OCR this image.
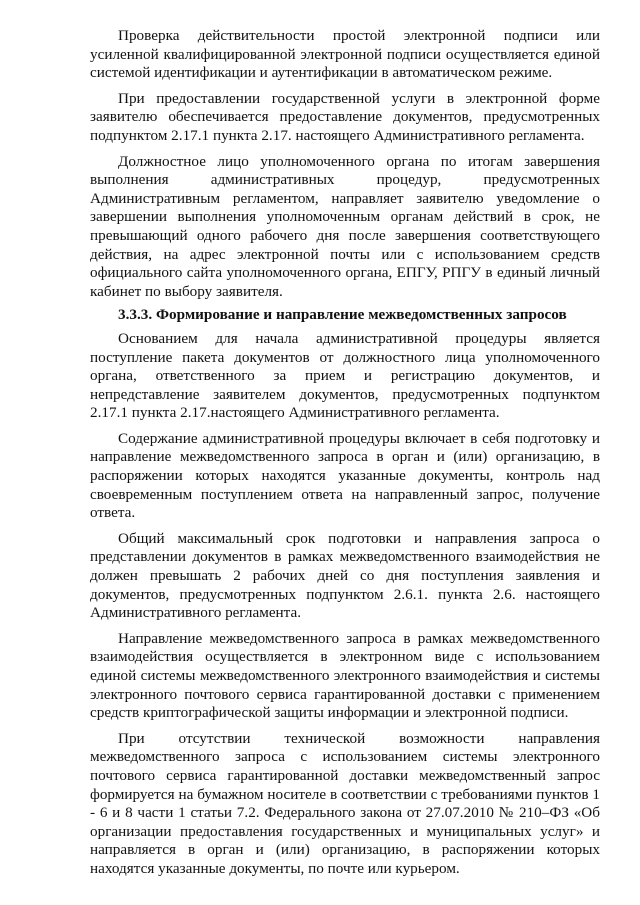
Проверка действительности простой электронной подписи или усиленной квалифицированной электронной подписи осуществляется единой системой идентификации и аутентификации в автоматическом режиме.

При предоставлении государственной услуги в электронной форме заявителю обеспечивается предоставление документов, предусмотренных подпунктом 2.17.1 пункта 2.17. настоящего Административного регламента.

Должностное лицо уполномоченного органа по итогам завершения выполнения административных процедур, предусмотренных Административным регламентом, направляет заявителю уведомление о завершении выполнения уполномоченным органам действий в срок, не превышающий одного рабочего дня после завершения соответствующего действия, на адрес электронной почты или с использованием средств официального сайта уполномоченного органа, ЕПГУ, РПГУ в единый личный кабинет по выбору заявителя.

3.3.3. Формирование и направление межведомственных запросов

Основанием для начала административной процедуры является поступление пакета документов от должностного лица уполномоченного органа, ответственного за прием и регистрацию документов, и непредставление заявителем документов, предусмотренных подпунктом 2.17.1 пункта 2.17.настоящего Административного регламента.

Содержание административной процедуры включает в себя подготовку и направление межведомственного запроса в орган и (или) организацию, в распоряжении которых находятся указанные документы, контроль над своевременным поступлением ответа на направленный запрос, получение ответа.

Общий максимальный срок подготовки и направления запроса о представлении документов в рамках межведомственного взаимодействия не должен превышать 2 рабочих дней со дня поступления заявления и документов, предусмотренных подпунктом 2.6.1. пункта 2.6. настоящего Административного регламента.

Направление межведомственного запроса в рамках межведомственного взаимодействия осуществляется в электронном виде с использованием единой системы межведомственного электронного взаимодействия и системы электронного почтового сервиса гарантированной доставки с применением средств криптографической защиты информации и электронной подписи.

При отсутствии технической возможности направления межведомственного запроса с использованием системы электронного почтового сервиса гарантированной доставки межведомственный запрос формируется на бумажном носителе в соответствии с требованиями пунктов 1 - 6 и 8 части 1 статьи 7.2. Федерального закона от 27.07.2010 № 210–ФЗ «Об организации предоставления государственных и муниципальных услуг» и направляется в орган и (или) организацию, в распоряжении которых находятся указанные документы, по почте или курьером.
